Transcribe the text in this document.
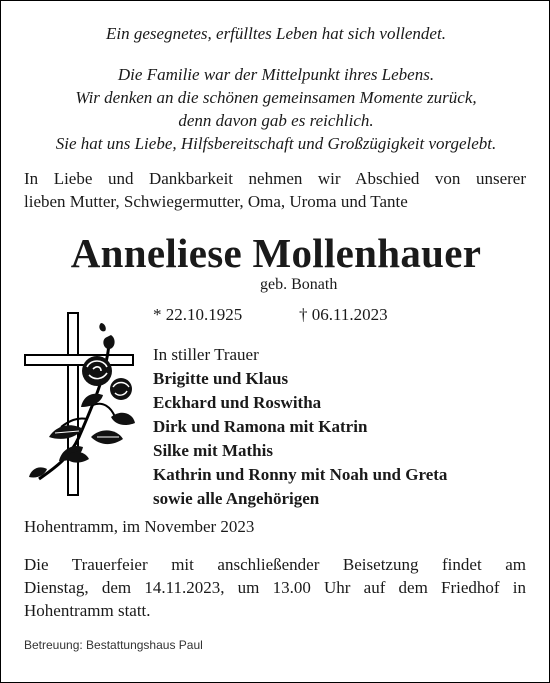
Ein gesegnetes, erfülltes Leben hat sich vollendet.
Die Familie war der Mittelpunkt ihres Lebens.
Wir denken an die schönen gemeinsamen Momente zurück,
denn davon gab es reichlich.
Sie hat uns Liebe, Hilfsbereitschaft und Großzügigkeit vorgelebt.
In Liebe und Dankbarkeit nehmen wir Abschied von unserer
lieben Mutter, Schwiegermutter, Oma, Uroma und Tante
Anneliese Mollenhauer
geb. Bonath
* 22.10.1925	† 06.11.2023
In stiller Trauer
Brigitte und Klaus
Eckhard und Roswitha
Dirk und Ramona mit Katrin
Silke mit Mathis
Kathrin und Ronny mit Noah und Greta
sowie alle Angehörigen
Hohentramm, im November 2023
Die Trauerfeier mit anschließender Beisetzung findet am
Dienstag, dem 14.11.2023, um 13.00 Uhr auf dem Friedhof in
Hohentramm statt.
Betreuung: Bestattungshaus Paul
